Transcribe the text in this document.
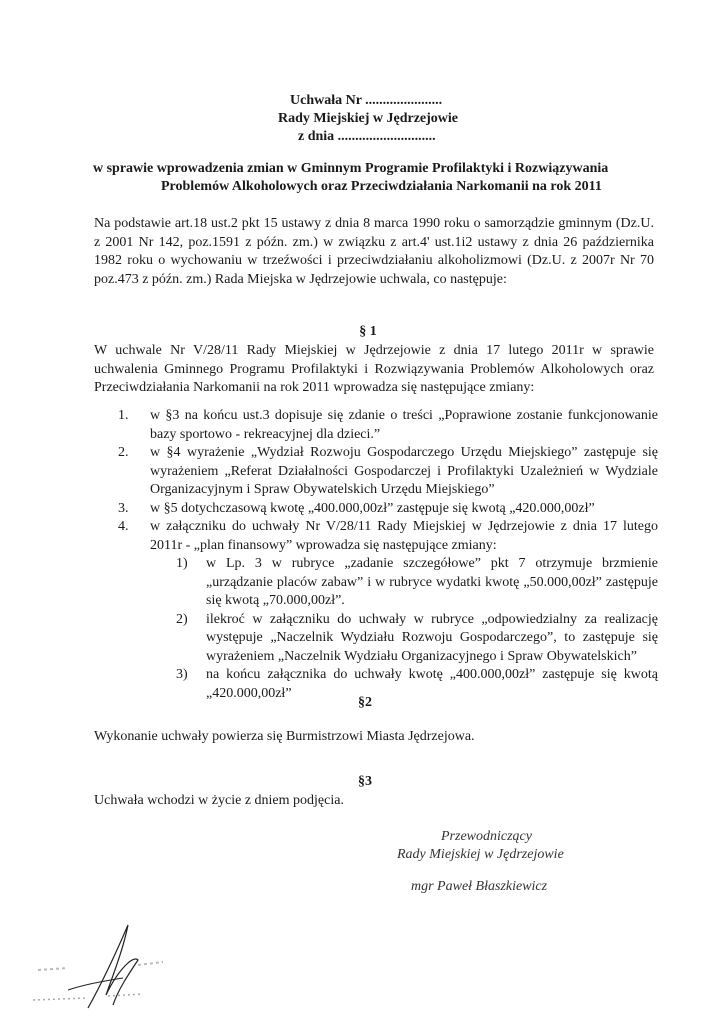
Uchwała Nr ......................
Rady Miejskiej w Jędrzejowie
z dnia ............................
w sprawie wprowadzenia zmian w Gminnym Programie Profilaktyki i Rozwiązywania
Problemów Alkoholowych oraz Przeciwdziałania Narkomanii na rok 2011
Na podstawie art.18 ust.2 pkt 15 ustawy z dnia 8 marca 1990 roku o samorządzie gminnym (Dz.U. z 2001 Nr 142, poz.1591 z późn. zm.) w związku z art.4' ust.1i2 ustawy z dnia 26 października 1982 roku o wychowaniu w trzeźwości i przeciwdziałaniu alkoholizmowi (Dz.U. z 2007r Nr 70 poz.473 z późn. zm.) Rada Miejska w Jędrzejowie uchwala, co następuje:
§ 1
W uchwale Nr V/28/11 Rady Miejskiej w Jędrzejowie z dnia 17 lutego 2011r w sprawie uchwalenia Gminnego Programu Profilaktyki i Rozwiązywania Problemów Alkoholowych oraz Przeciwdziałania Narkomanii na rok 2011 wprowadza się następujące zmiany:
1. w §3 na końcu ust.3 dopisuje się zdanie o treści „Poprawione zostanie funkcjonowanie bazy sportowo - rekreacyjnej dla dzieci.”
2. w §4 wyrażenie „Wydział Rozwoju Gospodarczego Urzędu Miejskiego” zastępuje się wyrażeniem „Referat Działalności Gospodarczej i Profilaktyki Uzależnień w Wydziale Organizacyjnym i Spraw Obywatelskich Urzędu Miejskiego”
3. w §5 dotychczasową kwotę „400.000,00zł” zastępuje się kwotą „420.000,00zł”
4. w załączniku do uchwały Nr V/28/11 Rady Miejskiej w Jędrzejowie z dnia 17 lutego 2011r - „plan finansowy” wprowadza się następujące zmiany:
1) w Lp. 3 w rubryce „zadanie szczegółowe” pkt 7 otrzymuje brzmienie „urządzanie placów zabaw” i w rubryce wydatki kwotę „50.000,00zł” zastępuje się kwotą „70.000,00zł”.
2) ilekroć w załączniku do uchwały w rubryce „odpowiedzialny za realizację występuje „Naczelnik Wydziału Rozwoju Gospodarczego”, to zastępuje się wyrażeniem „Naczelnik Wydziału Organizacyjnego i Spraw Obywatelskich”
3) na końcu załącznika do uchwały kwotę „400.000,00zł” zastępuje się kwotą „420.000,00zł”
§2
Wykonanie uchwały powierza się Burmistrzowi Miasta Jędrzejowa.
§3
Uchwała wchodzi w życie z dniem podjęcia.
Przewodniczący
Rady Miejskiej w Jędrzejowie
mgr Paweł Błaszkiewicz
